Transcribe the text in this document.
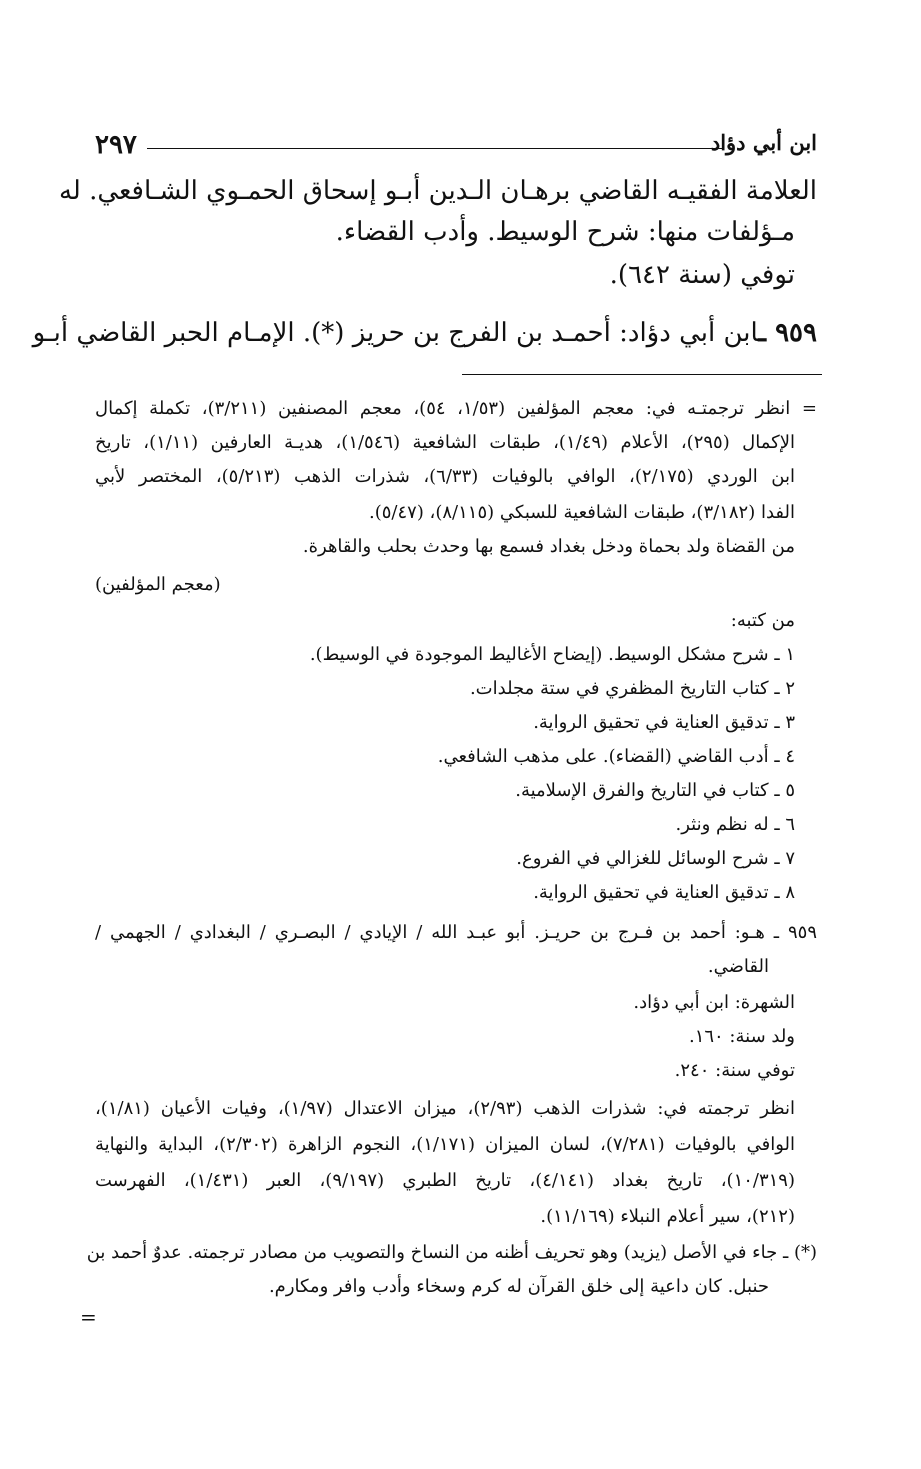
٢٩٧	ابن أبي دؤاد
العلامة الفقيـه القاضي برهـان الـدين أبـو إسحاق الحمـوي الشـافعي. له
مـؤلفات منها: شرح الوسيط. وأدب القضاء.
توفي (سنة ٦٤٢).
٩٥٩ ـابن أبي دؤاد: أحمـد بن الفرج بن حريز (*). الإمـام الحبر القاضي أبـو
= انظر ترجمتـه في: معجم المؤلفين (١/٥٣، ٥٤)، معجم المصنفين (٣/٢١١)، تكملة إكمال
الإكمال (٢٩٥)، الأعلام (١/٤٩)، طبقات الشافعية (١/٥٤٦)، هديـة العارفين (١/١١)، تاريخ
ابن الوردي (٢/١٧٥)، الوافي بالوفيات (٦/٣٣)، شذرات الذهب (٥/٢١٣)، المختصر لأبي
الفدا (٣/١٨٢)، طبقات الشافعية للسبكي (٨/١١٥)، (٥/٤٧).
من القضاة ولد بحماة ودخل بغداد فسمع بها وحدث بحلب والقاهرة.
(معجم المؤلفين)
من كتبه:
١ ـ شرح مشكل الوسيط. (إيضاح الأغاليط الموجودة في الوسيط).
٢ ـ كتاب التاريخ المظفري في ستة مجلدات.
٣ ـ تدقيق العناية في تحقيق الرواية.
٤ ـ أدب القاضي (القضاء). على مذهب الشافعي.
٥ ـ كتاب في التاريخ والفرق الإسلامية.
٦ ـ له نظم ونثر.
٧ ـ شرح الوسائل للغزالي في الفروع.
٨ ـ تدقيق العناية في تحقيق الرواية.
٩٥٩ ـ هـو: أحمد بن فـرج بن حريـز. أبو عبـد الله / الإيادي / البصـري / البغدادي / الجهمي /
القاضي.
الشهرة: ابن أبي دؤاد.
ولد سنة: ١٦٠.
توفي سنة: ٢٤٠.
انظر ترجمته في: شذرات الذهب (٢/٩٣)، ميزان الاعتدال (١/٩٧)، وفيات الأعيان (١/٨١)،
الوافي بالوفيات (٧/٢٨١)، لسان الميزان (١/١٧١)، النجوم الزاهرة (٢/٣٠٢)، البداية والنهاية
(١٠/٣١٩)، تاريخ بغداد (٤/١٤١)، تاريخ الطبري (٩/١٩٧)، العبر (١/٤٣١)، الفهرست
(٢١٢)، سير أعلام النبلاء (١١/١٦٩).
(*) ـ جاء في الأصل (يزيد) وهو تحريف أظنه من النساخ والتصويب من مصادر ترجمته. عدوٌ أحمد بن
حنبل. كان داعية إلى خلق القرآن له كرم وسخاء وأدب وافر ومكارم.
=
